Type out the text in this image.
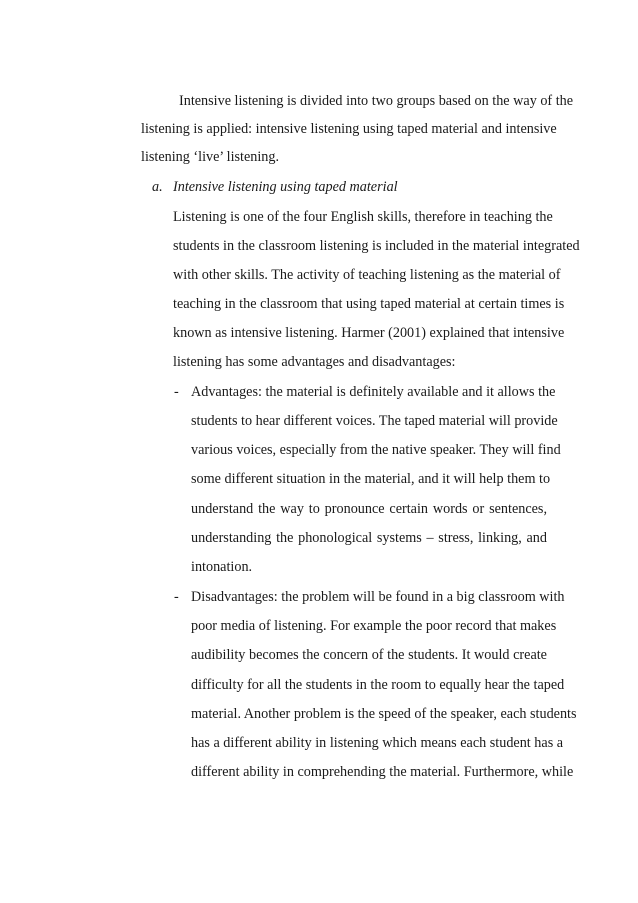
Intensive listening is divided into two groups based on the way of the
listening is applied: intensive listening using taped material and intensive
listening ‘live’ listening.
a. Intensive listening using taped material
Listening is one of the four English skills, therefore in teaching the
students in the classroom listening is included in the material integrated
with other skills. The activity of teaching listening as the material of
teaching in the classroom that using taped material at certain times is
known as intensive listening. Harmer (2001) explained that intensive
listening has some advantages and disadvantages:
- Advantages: the material is definitely available and it allows the
students to hear different voices. The taped material will provide
various voices, especially from the native speaker. They will find
some different situation in the material, and it will help them to
understand the way to pronounce certain words or sentences,
understanding the phonological systems – stress, linking, and
intonation.
- Disadvantages: the problem will be found in a big classroom with
poor media of listening. For example the poor record that makes
audibility becomes the concern of the students. It would create
difficulty for all the students in the room to equally hear the taped
material. Another problem is the speed of the speaker, each students
has a different ability in listening which means each student has a
different ability in comprehending the material. Furthermore, while
